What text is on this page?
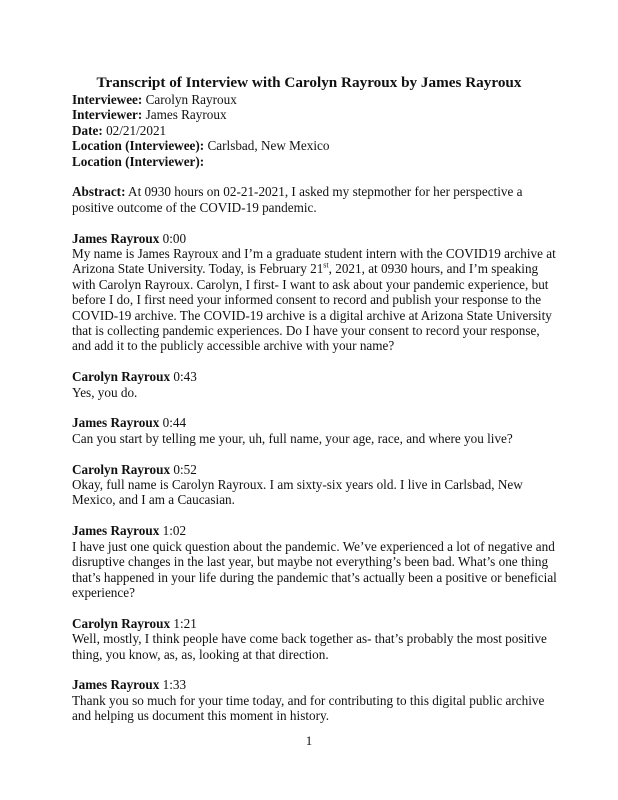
Transcript of Interview with Carolyn Rayroux by James Rayroux

Interviewee: Carolyn Rayroux

Interviewer: James Rayroux

Date: 02/21/2021

Location (Interviewee): Carlsbad, New Mexico

Location (Interviewer):

Abstract: At 0930 hours on 02-21-2021, I asked my stepmother for her perspective a positive outcome of the COVID-19 pandemic.

James Rayroux 0:00

My name is James Rayroux and I’m a graduate student intern with the COVID19 archive at Arizona State University. Today, is February 21st, 2021, at 0930 hours, and I’m speaking with Carolyn Rayroux. Carolyn, I first- I want to ask about your pandemic experience, but before I do, I first need your informed consent to record and publish your response to the COVID-19 archive. The COVID-19 archive is a digital archive at Arizona State University that is collecting pandemic experiences. Do I have your consent to record your response, and add it to the publicly accessible archive with your name?

Carolyn Rayroux 0:43

Yes, you do.

James Rayroux 0:44

Can you start by telling me your, uh, full name, your age, race, and where you live?

Carolyn Rayroux 0:52

Okay, full name is Carolyn Rayroux. I am sixty-six years old. I live in Carlsbad, New Mexico, and I am a Caucasian.

James Rayroux 1:02

I have just one quick question about the pandemic. We’ve experienced a lot of negative and disruptive changes in the last year, but maybe not everything’s been bad. What’s one thing that’s happened in your life during the pandemic that’s actually been a positive or beneficial experience?

Carolyn Rayroux 1:21

Well, mostly, I think people have come back together as- that’s probably the most positive thing, you know, as, as, looking at that direction.

James Rayroux 1:33

Thank you so much for your time today, and for contributing to this digital public archive and helping us document this moment in history.

1
